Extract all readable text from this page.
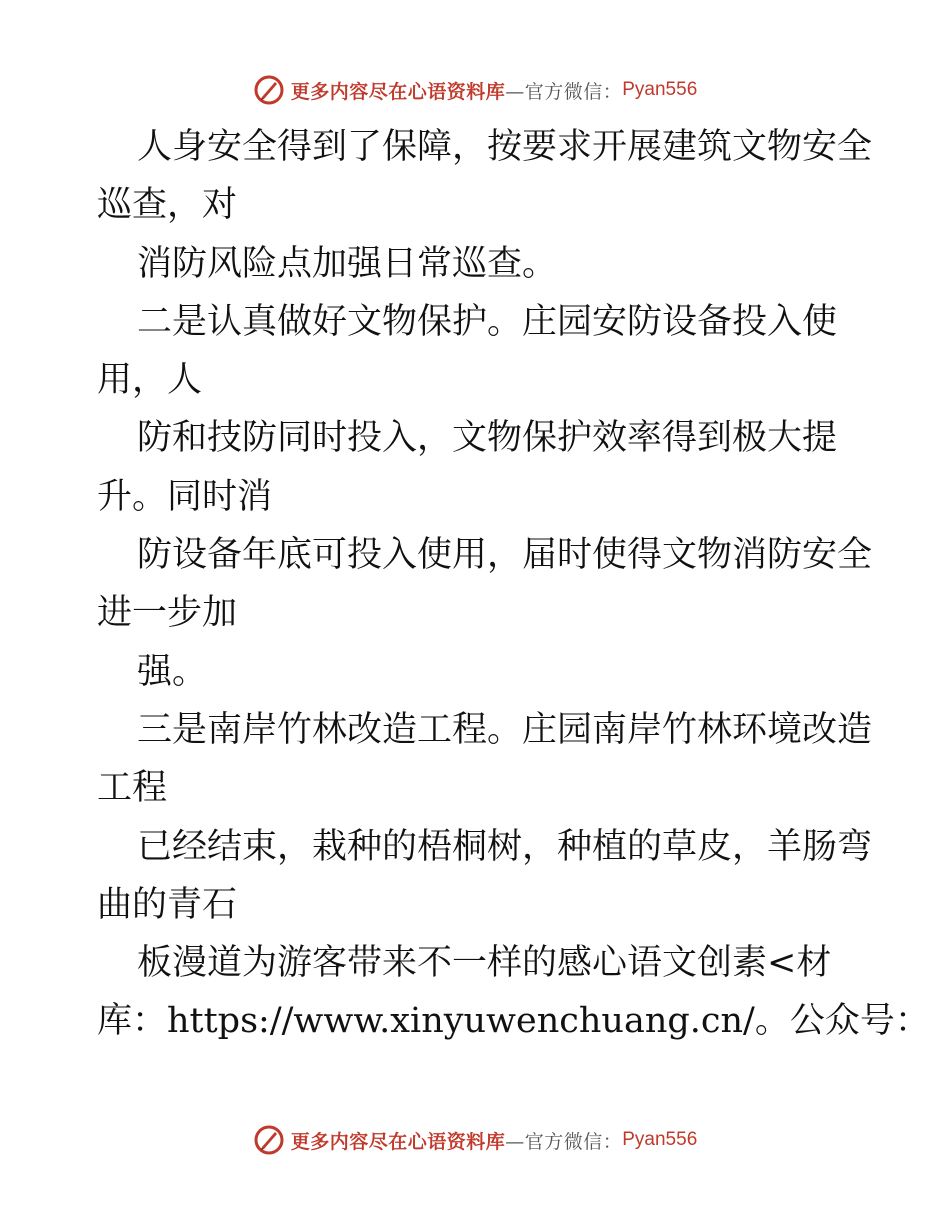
更多内容尽在心语资料库 —官方微信： Pyan556
人身安全得到了保障，按要求开展建筑文物安全
巡查，对
消防风险点加强日常巡查。
二是认真做好文物保护。庄园安防设备投入使
用，人
防和技防同时投入，文物保护效率得到极大提
升。同时消
防设备年底可投入使用，届时使得文物消防安全
进一步加
强。
三是南岸竹林改造工程。庄园南岸竹林环境改造
工程
已经结束，栽种的梧桐树，种植的草皮，羊肠弯
曲的青石
板漫道为游客带来不一样的感心语文创素<材
库：https://www.xinyuwenchuang.cn/。公众号：
更多内容尽在心语资料库 —官方微信： Pyan556
